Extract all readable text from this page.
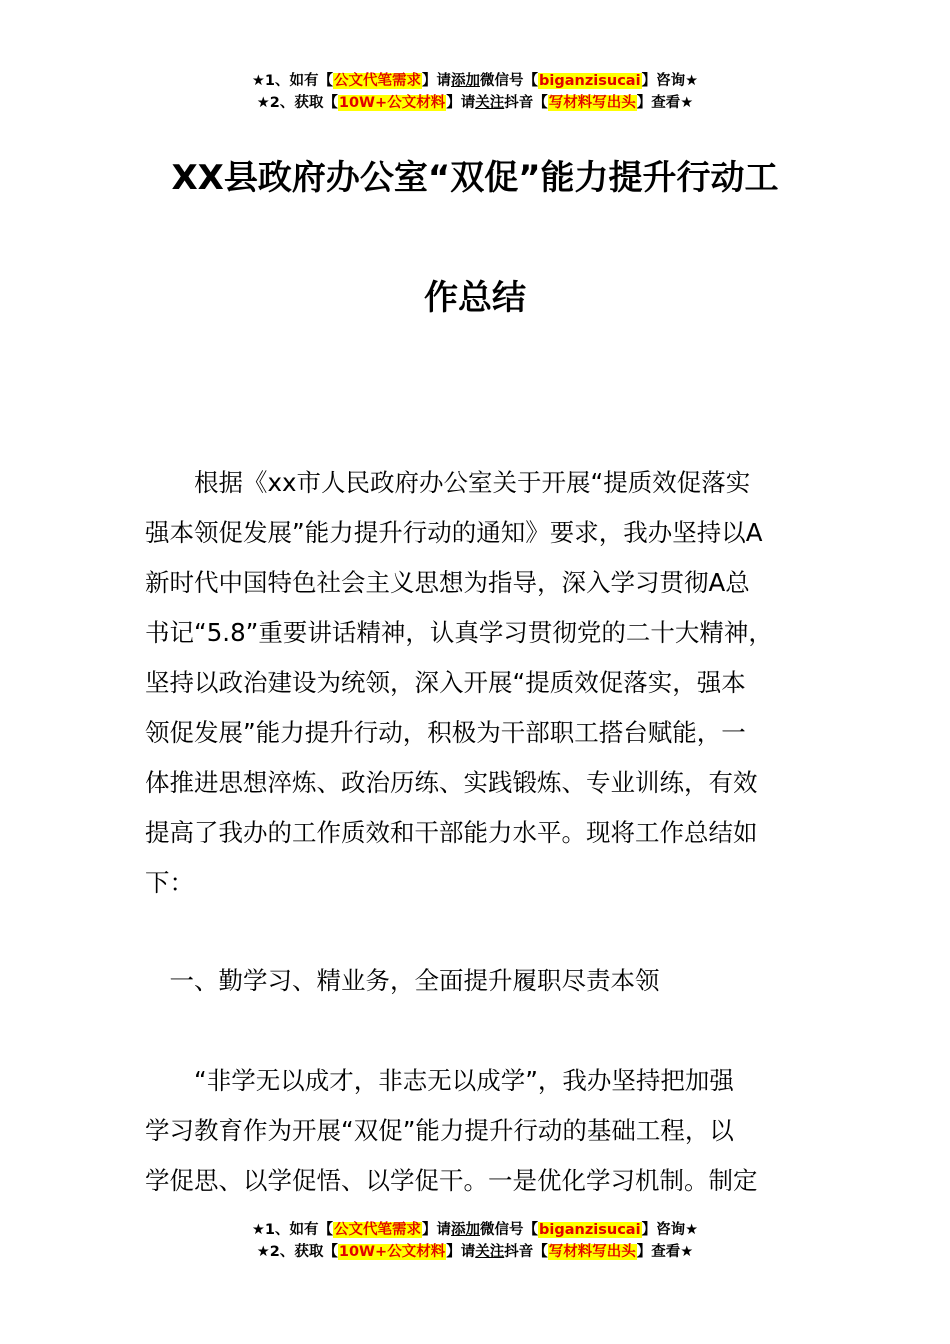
★1、如有【公文代笔需求】请添加微信号【biganzisucai】咨询★
★2、获取【10W+公文材料】请关注抖音【写材料写出头】查看★
XX县政府办公室“双促”能力提升行动工
作总结
　　根据《xx市人民政府办公室关于开展“提质效促落实
强本领促发展”能力提升行动的通知》要求，我办坚持以A
新时代中国特色社会主义思想为指导，深入学习贯彻A总
书记“5.8”重要讲话精神，认真学习贯彻党的二十大精神，
坚持以政治建设为统领，深入开展“提质效促落实，强本
领促发展”能力提升行动，积极为干部职工搭台赋能，一
体推进思想淬炼、政治历练、实践锻炼、专业训练，有效
提高了我办的工作质效和干部能力水平。现将工作总结如
下：
　一、勤学习、精业务，全面提升履职尽责本领
　　“非学无以成才，非志无以成学”，我办坚持把加强
学习教育作为开展“双促”能力提升行动的基础工程，以
学促思、以学促悟、以学促干。一是优化学习机制。制定
★1、如有【公文代笔需求】请添加微信号【biganzisucai】咨询★
★2、获取【10W+公文材料】请关注抖音【写材料写出头】查看★
